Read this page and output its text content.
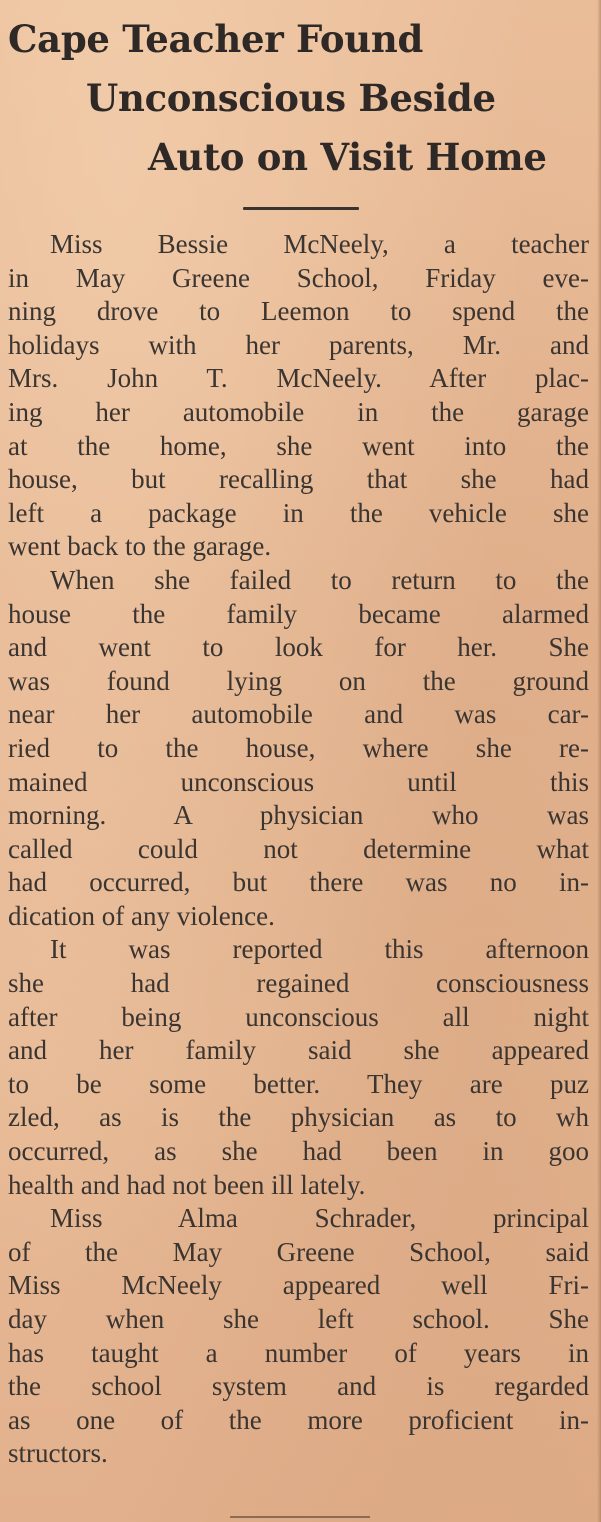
Cape Teacher Found
Unconscious Beside
Auto on Visit Home

Miss Bessie McNeely, a teacher
in May Greene School, Friday eve-
ning drove to Leemon to spend the
holidays with her parents, Mr. and
Mrs. John T. McNeely. After plac-
ing her automobile in the garage
at the home, she went into the
house, but recalling that she had
left a package in the vehicle she
went back to the garage.

When she failed to return to the
house the family became alarmed
and went to look for her. She
was found lying on the ground
near her automobile and was car-
ried to the house, where she re-
mained unconscious until this
morning. A physician who was
called could not determine what
had occurred, but there was no in-
dication of any violence.

It was reported this afternoon
she had regained consciousness
after being unconscious all night
and her family said she appeared
to be some better. They are puz
zled, as is the physician as to wh
occurred, as she had been in goo
health and had not been ill lately.

Miss Alma Schrader, principal
of the May Greene School, said
Miss McNeely appeared well Fri-
day when she left school. She
has taught a number of years in
the school system and is regarded
as one of the more proficient in-
structors.
